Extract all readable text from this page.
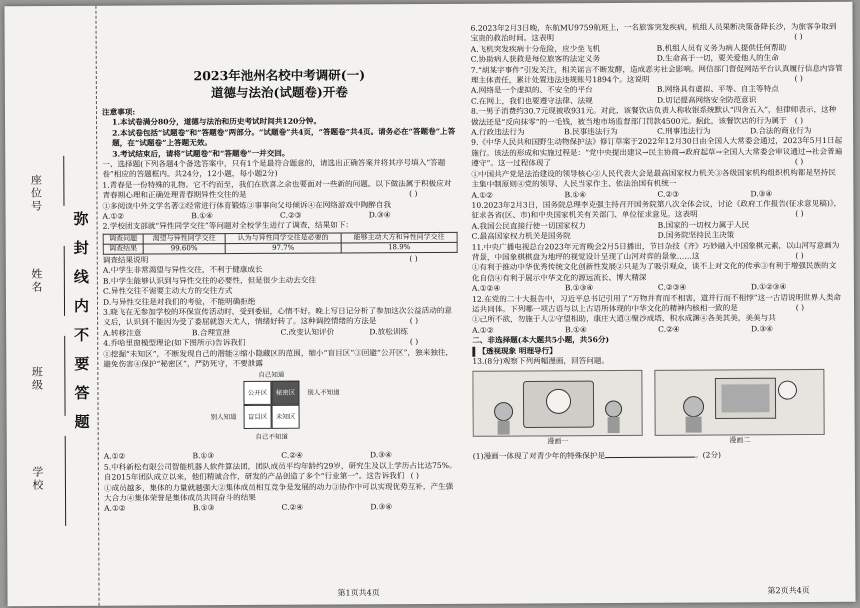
座位号
姓名
班级
学校
弥封线内不要答题
2023年池州名校中考调研(一)
道德与法治(试题卷)开卷
注意事项:
1.本试卷满分80分，道德与法治和历史考试时间共120分钟。
2.本试卷包括“试题卷”和“答题卷”两部分。“试题卷”共4页，“答题卷”共4页。请务必在“答题卷”上答题，在“试题卷”上答题无效。
3.考试结束后，请将“试题卷”和“答题卷”一并交回。
一、选择题(下列各题4个备选答案中，只有1个是最符合题意的，请选出正确答案并将其序号填入“答题卷”相应的答题框内。共24分，12小题，每小题2分)
1.青春是一份特殊的礼物。它不约而至，我们在欣喜之余也要面对一些新的问题。以下做法属于积极应对青春期心理和正确处理青春期异性交往的是	( )
①多阅读中外文学名著②经常进行体育锻炼③事事向父母倾诉④在网络游戏中陶醉自我
A.①②	B.①④	C.②③	D.③④
2.学校团支部就“异性同学交往”等问题对全校学生进行了调查，结果如下：
调查问题	渴望与异性同学交往	认为与异性同学交往是必要的	能够主动大方和异性同学交往
调查结果	99.60%	97.7%	18.9%
调查结果说明	( )
A.中学生非常渴望与异性交往，不利于健康成长
B.中学生能够认识到与异性交往的必要性，但是很少主动去交往
C.异性交往不需要主动大方的交往方式
D.与异性交往是对我们的考验，不能明确拒绝
3.晓飞在无参加学校的环保宣传活动时，受到委屈，心情不好。晚上写日记分析了参加这次公益活动的意义后，认识到不能因为受了委屈就怨天尤人，情绪好转了。这种调控情绪的方法是	( )
A.转移注意	B.合理宣泄	C.改变认知评价	D.放松训练
4.乔哈里窗模型理论(如下图所示)告诉我们	( )
①挖掘“未知区”，不断发现自己的潜能②缩小隐藏区的范围，缩小“盲目区”③回避“公开区”，独来独往，避免伤害④保护“秘密区”，严防死守，不要泄露
自己知道
公开区	秘密区
盲目区	未知区
别人不知道
别人知道
自己不知道
A.①②	B.①③	C.②④	D.③④
5.中科新松有限公司智能机器人软件算法团，团队成员平均年龄约29岁，研究生及以上学历占比达75%。自2015年团队成立以来，他们精诚合作，研发的产品创造了多个“行业第一”。这告诉我们 ( )
①成员越多，集体的力量就越强大②集体成员相互竞争是发展的动力③协作中可以实现优势互补，产生强大合力④集体荣誉是集体成员共同奋斗的结果
A.①②	B.①③	C.②④	D.③④
第1页共4页
6.2023年2月3日晚，东航MU9759航班上，一名旅客突发疾病，机组人员果断决策备降长沙，为旅客争取到宝贵的救治时间。这表明	( )
A.飞机突发疾病十分危险，应少坐飞机	B.机组人员有义务为病人提供任何帮助
C.协助病人获救是每位旅客的法定义务	D.生命高于一切，要关爱他人的生命
7.“胡某宇事件”引发关注，相关谣言不断发酵，造成恶劣社会影响。网信部门督促网站平台认真履行信息内容管理主体责任，累计处置违法违规账号1894个。这说明	( )
A.网络是一个虚拟的、不安全的平台	B.网络具有虚拟、平等、自主等特点
C.在网上，我们也要遵守法律、法规	D.切记提高网络安全防范意识
8.一男子消费约30.7元现被收931元。对此，该餐饮店负责人称收银系统默认“四舍五入”，但律师表示，这种做法还是“反向抹零”的一毛钱，被当地市场监督部门罚款4500元。据此，该餐饮店的行为属于 ( )
A.行政违法行为	B.民事违法行为	C.刑事违法行为	D.合法的商业行为
9.《中华人民共和国野生动物保护法》修订草案于2022年12月30日由全国人大常委会通过，2023年5月1日起施行。该法的形成和实施过程是：“党中央提出建议→民主协商→政府起草→全国人大常委会审议通过→社会普遍遵守”。这一过程体现了	( )
①中国共产党是法治建设的领导核心②人民代表大会是最高国家权力机关③各级国家机构组织机构都是坚持民主集中制原则④党的领导、人民当家作主、依法治国有机统一
A.①②	B.①④	C.②③	D.③④
10.2023年2月3日，国务院总理李克强主持召开国务院第八次全体会议，讨论《政府工作报告(征求意见稿)》，征求各省(区、市)和中央国家机关有关部门、单位征求意见。这表明	( )
A.我国公民直接行使一切国家权力	B.国家的一切权力属于人民
C.最高国家权力机关是国务院	D.国务院坚持民主决策
11.中央广播电视总台2023年元宵晚会2月5日播出，节目杂技《齐》巧妙融入中国象棋元素，以山河写意画为背景，中国象棋棋盘为地坪的视觉设计呈现了山河对弈的景象……这	( )
①有利于推动中华优秀传统文化创新性发展②只是为了吸引观众，谈不上对文化的传承③有利于增强民族的文化自信④有利于展示中华文化的源远流长、博大精深
A.①②④	B.①③④	C.②③④	D.①②③④
12.在党的二十大报告中，习近平总书记引用了“万物并育而不相害，道并行而不相悖”这一古语说明世界人类命运共同体。下列哪一项古语与以上古语所体现的中华文化的精神内核相一致的是	( )
①己所不欲，勿施于人②守望相助，康庄大道③聚沙成塔，积水成渊④各美其美，美美与共
A.①②	B.①④	C.②④	D.③④
二、非选择题(本大题共5小题，共56分)
【透视现象 明理导行】
13.(8分)观察下列两幅漫画，回答问题。
漫画一	漫画二
(1)漫画一体现了对青少年的特殊保护是	。(2分)
第2页共4页
